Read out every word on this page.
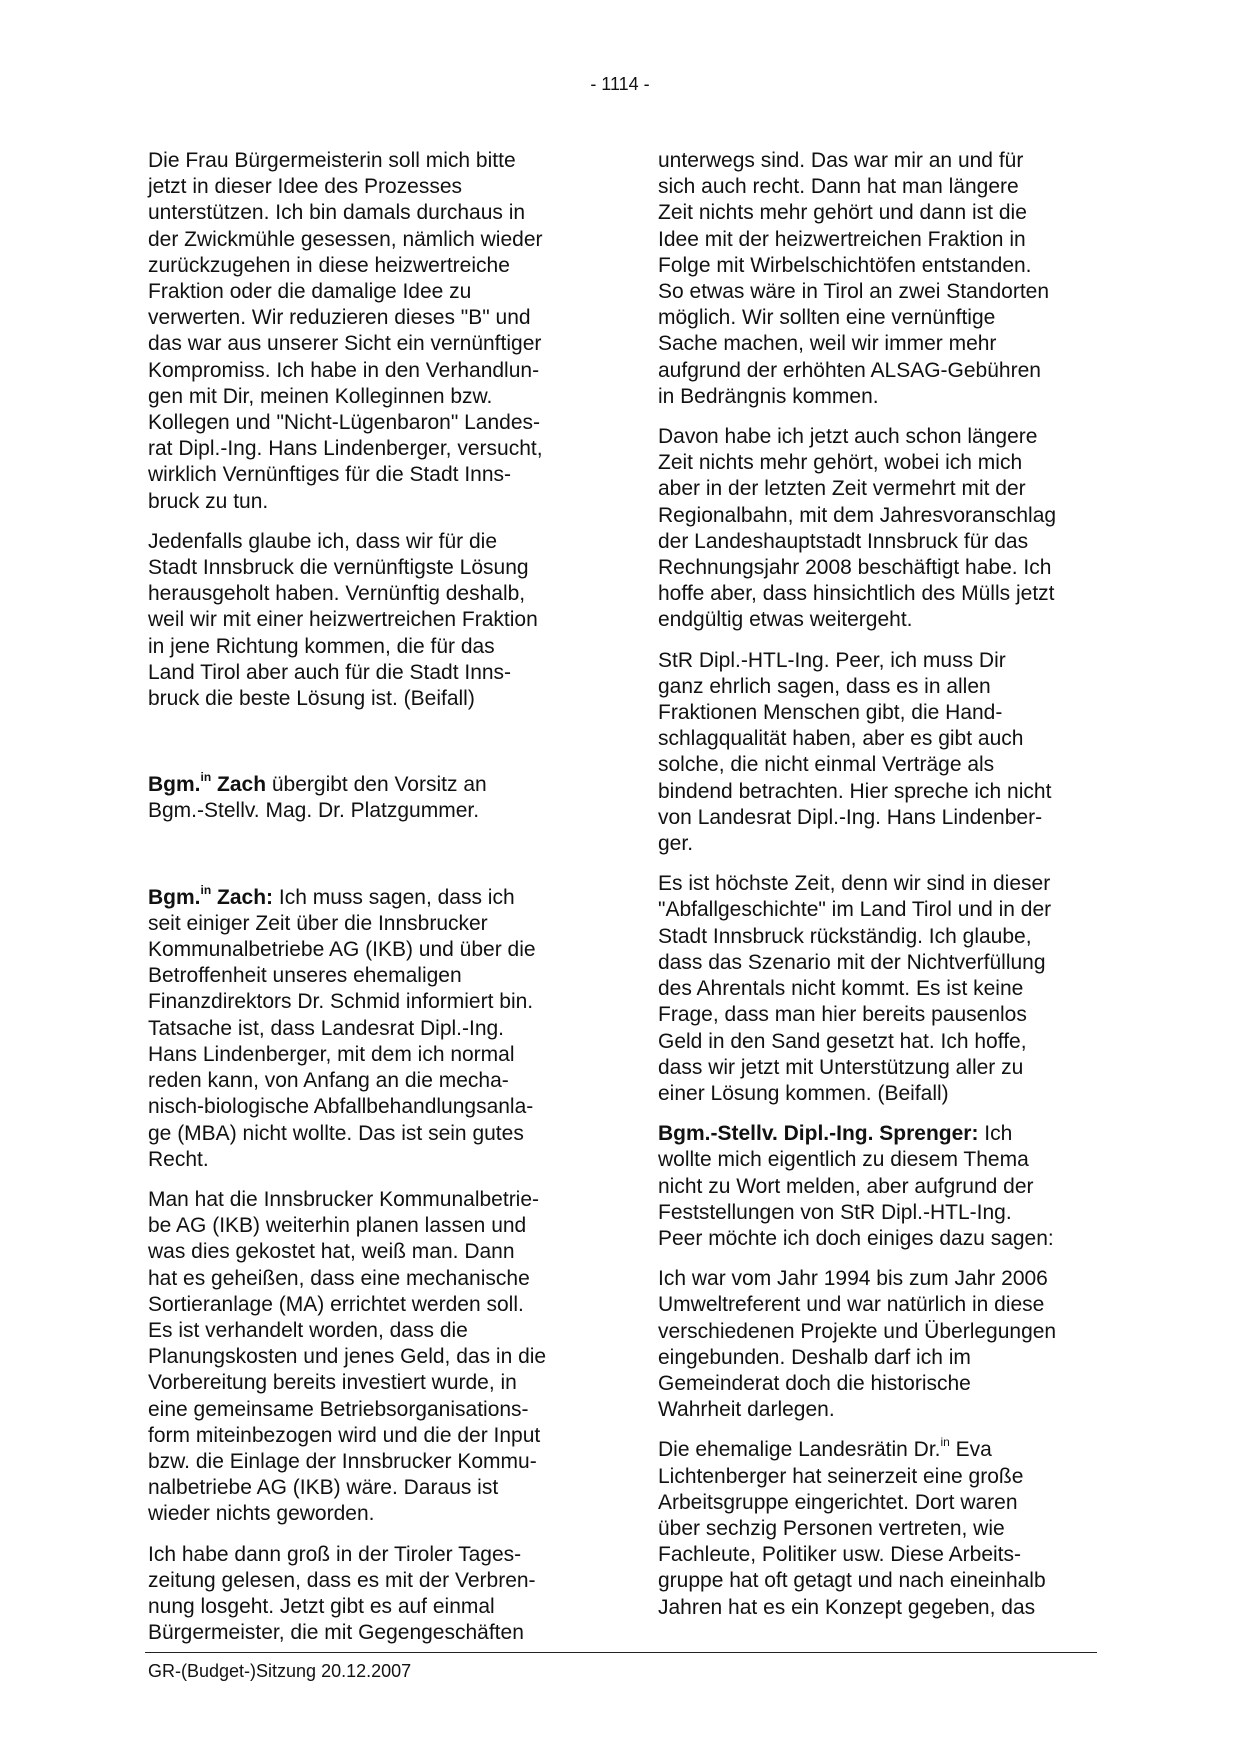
- 1114 -
Die Frau Bürgermeisterin soll mich bitte
jetzt in dieser Idee des Prozesses
unterstützen. Ich bin damals durchaus in
der Zwickmühle gesessen, nämlich wieder
zurückzugehen in diese heizwertreiche
Fraktion oder die damalige Idee zu
verwerten. Wir reduzieren dieses "B" und
das war aus unserer Sicht ein vernünftiger
Kompromiss. Ich habe in den Verhandlun-
gen mit Dir, meinen Kolleginnen bzw.
Kollegen und "Nicht-Lügenbaron" Landes-
rat Dipl.-Ing. Hans Lindenberger, versucht,
wirklich Vernünftiges für die Stadt Inns-
bruck zu tun.
Jedenfalls glaube ich, dass wir für die
Stadt Innsbruck die vernünftigste Lösung
herausgeholt haben. Vernünftig deshalb,
weil wir mit einer heizwertreichen Fraktion
in jene Richtung kommen, die für das
Land Tirol aber auch für die Stadt Inns-
bruck die beste Lösung ist. (Beifall)
Bgm.$^{in}$ Zach übergibt den Vorsitz an
Bgm.-Stellv. Mag. Dr. Platzgummer.
Bgm.$^{in}$ Zach: Ich muss sagen, dass ich
seit einiger Zeit über die Innsbrucker
Kommunalbetriebe AG (IKB) und über die
Betroffenheit unseres ehemaligen
Finanzdirektors Dr. Schmid informiert bin.
Tatsache ist, dass Landesrat Dipl.-Ing.
Hans Lindenberger, mit dem ich normal
reden kann, von Anfang an die mecha-
nisch-biologische Abfallbehandlungsanla-
ge (MBA) nicht wollte. Das ist sein gutes
Recht.
Man hat die Innsbrucker Kommunalbetrie-
be AG (IKB) weiterhin planen lassen und
was dies gekostet hat, weiß man. Dann
hat es geheißen, dass eine mechanische
Sortieranlage (MA) errichtet werden soll.
Es ist verhandelt worden, dass die
Planungskosten und jenes Geld, das in die
Vorbereitung bereits investiert wurde, in
eine gemeinsame Betriebsorganisations-
form miteinbezogen wird und die der Input
bzw. die Einlage der Innsbrucker Kommu-
nalbetriebe AG (IKB) wäre. Daraus ist
wieder nichts geworden.
Ich habe dann groß in der Tiroler Tages-
zeitung gelesen, dass es mit der Verbren-
nung losgeht. Jetzt gibt es auf einmal
Bürgermeister, die mit Gegengeschäften
unterwegs sind. Das war mir an und für
sich auch recht. Dann hat man längere
Zeit nichts mehr gehört und dann ist die
Idee mit der heizwertreichen Fraktion in
Folge mit Wirbelschichtöfen entstanden.
So etwas wäre in Tirol an zwei Standorten
möglich. Wir sollten eine vernünftige
Sache machen, weil wir immer mehr
aufgrund der erhöhten ALSAG-Gebühren
in Bedrängnis kommen.
Davon habe ich jetzt auch schon längere
Zeit nichts mehr gehört, wobei ich mich
aber in der letzten Zeit vermehrt mit der
Regionalbahn, mit dem Jahresvoranschlag
der Landeshauptstadt Innsbruck für das
Rechnungsjahr 2008 beschäftigt habe. Ich
hoffe aber, dass hinsichtlich des Mülls jetzt
endgültig etwas weitergeht.
StR Dipl.-HTL-Ing. Peer, ich muss Dir
ganz ehrlich sagen, dass es in allen
Fraktionen Menschen gibt, die Hand-
schlagqualität haben, aber es gibt auch
solche, die nicht einmal Verträge als
bindend betrachten. Hier spreche ich nicht
von Landesrat Dipl.-Ing. Hans Lindenber-
ger.
Es ist höchste Zeit, denn wir sind in dieser
"Abfallgeschichte" im Land Tirol und in der
Stadt Innsbruck rückständig. Ich glaube,
dass das Szenario mit der Nichtverfüllung
des Ahrentals nicht kommt. Es ist keine
Frage, dass man hier bereits pausenlos
Geld in den Sand gesetzt hat. Ich hoffe,
dass wir jetzt mit Unterstützung aller zu
einer Lösung kommen. (Beifall)
Bgm.-Stellv. Dipl.-Ing. Sprenger: Ich
wollte mich eigentlich zu diesem Thema
nicht zu Wort melden, aber aufgrund der
Feststellungen von StR Dipl.-HTL-Ing.
Peer möchte ich doch einiges dazu sagen:
Ich war vom Jahr 1994 bis zum Jahr 2006
Umweltreferent und war natürlich in diese
verschiedenen Projekte und Überlegungen
eingebunden. Deshalb darf ich im
Gemeinderat doch die historische
Wahrheit darlegen.
Die ehemalige Landesrätin Dr.$^{in}$ Eva
Lichtenberger hat seinerzeit eine große
Arbeitsgruppe eingerichtet. Dort waren
über sechzig Personen vertreten, wie
Fachleute, Politiker usw. Diese Arbeits-
gruppe hat oft getagt und nach eineinhalb
Jahren hat es ein Konzept gegeben, das
GR-(Budget-)Sitzung 20.12.2007
